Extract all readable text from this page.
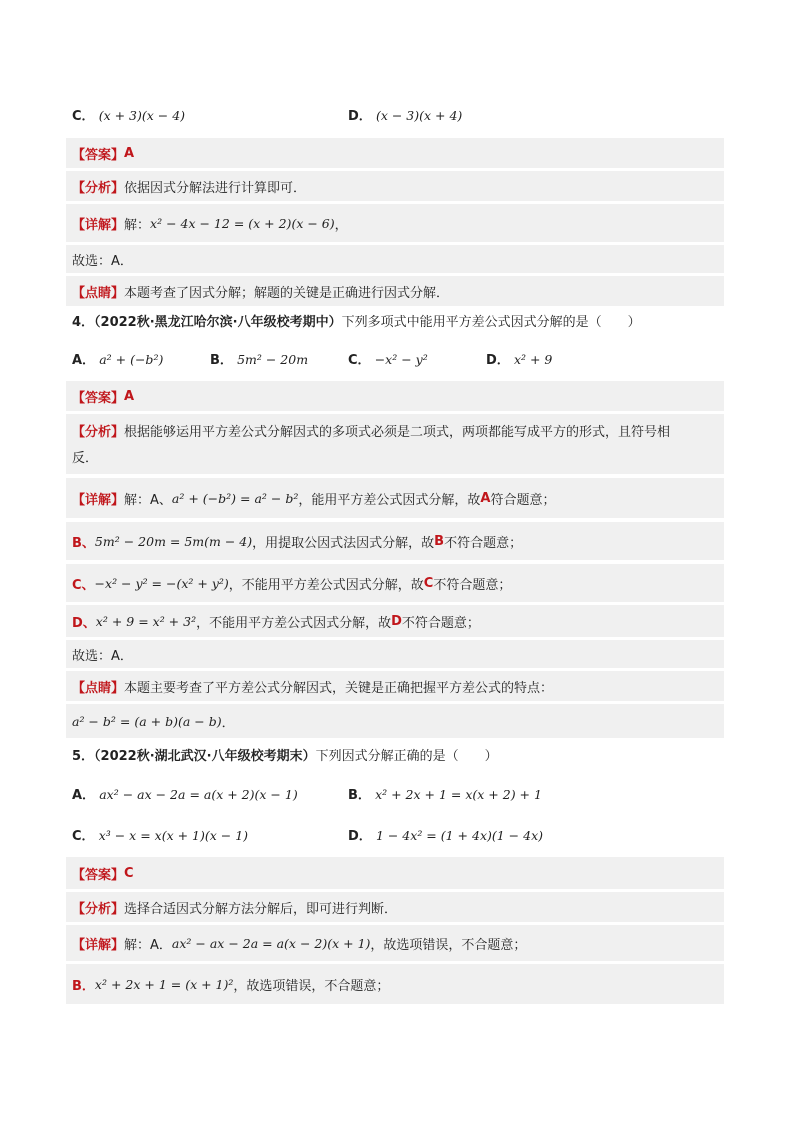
C． (x + 3)(x − 4)	D． (x − 3)(x + 4)
【答案】 A
【分析】 依据因式分解法进行计算即可．
【详解】 解： x² − 4x − 12 = (x + 2)(x − 6) ，
故选：A．
【点睛】 本题考查了因式分解；解题的关键是正确进行因式分解．
4．（2022秋·黑龙江哈尔滨·八年级校考期中）下列多项式中能用平方差公式因式分解的是（　　）
A． a² + (−b²)	B． 5m² − 20m	C． −x² − y²	D． x² + 9
【答案】 A
【分析】根据能够运用平方差公式分解因式的多项式必须是二项式，两项都能写成平方的形式，且符号相
反．
【详解】 解：A、 a² + (−b²) = a² − b² ，能用平方差公式因式分解，故 A 符合题意；
B、 5m² − 20m = 5m(m − 4) ，用提取公因式法因式分解，故 B 不符合题意；
C、 −x² − y² = −(x² + y²) ，不能用平方差公式因式分解，故 C 不符合题意；
D、 x² + 9 = x² + 3² ，不能用平方差公式因式分解，故 D 不符合题意；
故选：A．
【点睛】 本题主要考查了平方差公式分解因式，关键是正确把握平方差公式的特点：
a² − b² = (a + b)(a − b) ．
5．（2022秋·湖北武汉·八年级校考期末）下列因式分解正确的是（　　）
A． ax² − ax − 2a = a(x + 2)(x − 1)	B． x² + 2x + 1 = x(x + 2) + 1
C． x³ − x = x(x + 1)(x − 1)	D． 1 − 4x² = (1 + 4x)(1 − 4x)
【答案】 C
【分析】 选择合适因式分解方法分解后，即可进行判断．
【详解】 解：A． ax² − ax − 2a = a(x − 2)(x + 1) ，故选项错误，不合题意；
B． x² + 2x + 1 = (x + 1)² ，故选项错误，不合题意；
